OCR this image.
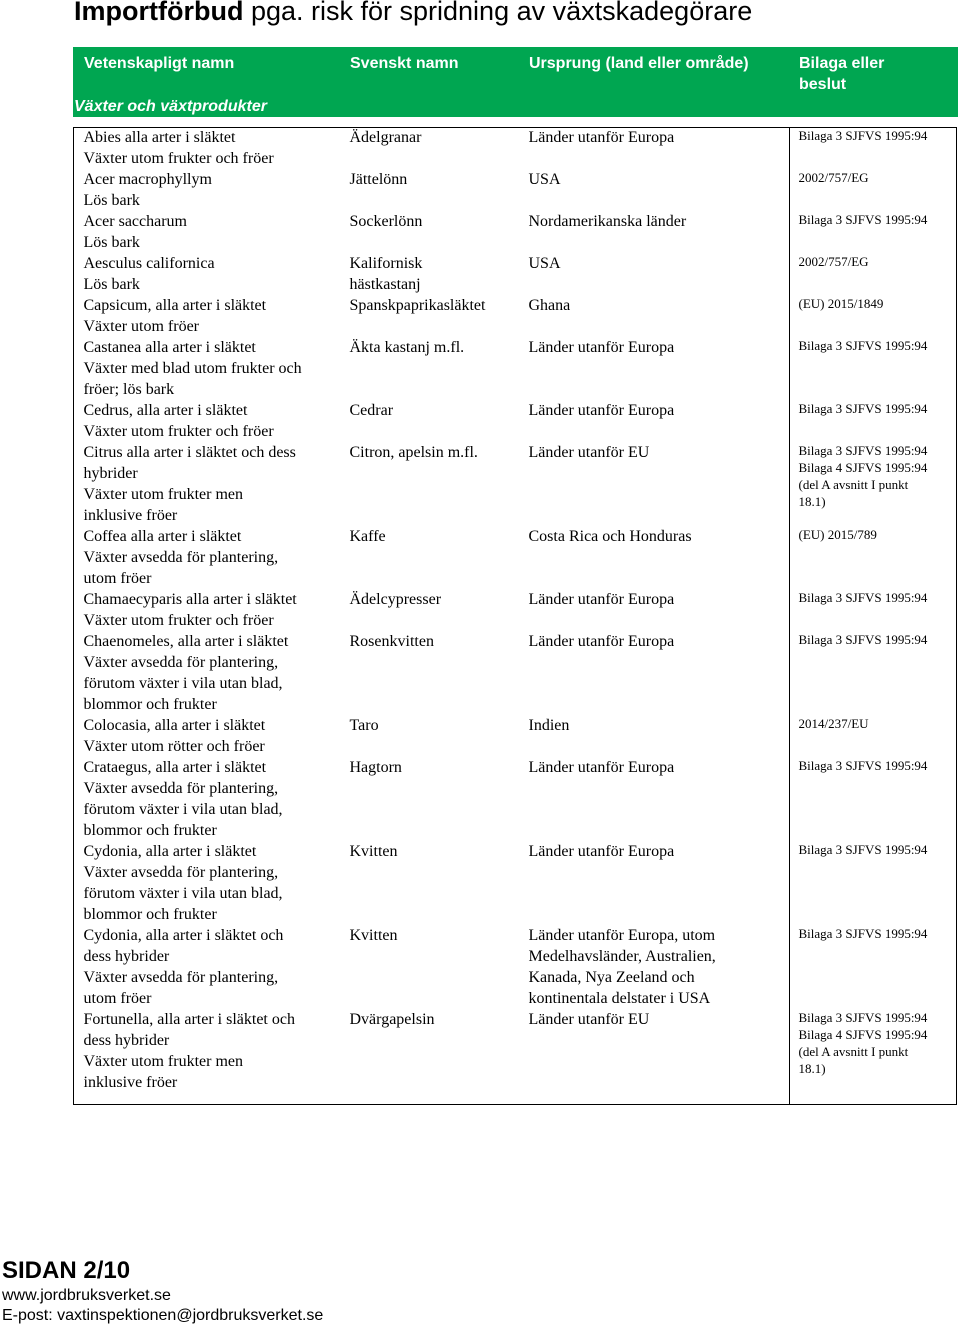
Importförbud pga. risk för spridning av växtskadegörare
Vetenskapligt namn	Svenskt namn	Ursprung (land eller område)	Bilaga eller
beslut

Växter och växtprodukter			

Abies alla arter i släktet
Växter utom frukter och fröer	Ädelgranar	Länder utanför Europa	Bilaga 3 SJFVS 1995:94

Acer macrophyllym
Lös bark	Jättelönn	USA	2002/757/EG

Acer saccharum
Lös bark	Sockerlönn	Nordamerikanska länder	Bilaga 3 SJFVS 1995:94

Aesculus californica
Lös bark	Kalifornisk
hästkastanj	USA	2002/757/EG

Capsicum, alla arter i släktet
Växter utom fröer	Spanskpaprikasläktet	Ghana	(EU) 2015/1849

Castanea alla arter i släktet
Växter med blad utom frukter och
fröer; lös bark	Äkta kastanj m.fl.	Länder utanför Europa	Bilaga 3 SJFVS 1995:94

Cedrus, alla arter i släktet
Växter utom frukter och fröer	Cedrar	Länder utanför Europa	Bilaga 3 SJFVS 1995:94

Citrus alla arter i släktet och dess
hybrider
Växter utom frukter men
inklusive fröer	Citron, apelsin m.fl.	Länder utanför EU	Bilaga 3 SJFVS 1995:94
Bilaga 4 SJFVS 1995:94
(del A avsnitt I punkt
18.1)

Coffea alla arter i släktet
Växter avsedda för plantering,
utom fröer	Kaffe	Costa Rica och Honduras	(EU) 2015/789

Chamaecyparis alla arter i släktet
Växter utom frukter och fröer	Ädelcypresser	Länder utanför Europa	Bilaga 3 SJFVS 1995:94

Chaenomeles, alla arter i släktet
Växter avsedda för plantering,
förutom växter i vila utan blad,
blommor och frukter	Rosenkvitten	Länder utanför Europa	Bilaga 3 SJFVS 1995:94

Colocasia, alla arter i släktet
Växter utom rötter och fröer	Taro	Indien	2014/237/EU

Crataegus, alla arter i släktet
Växter avsedda för plantering,
förutom växter i vila utan blad,
blommor och frukter	Hagtorn	Länder utanför Europa	Bilaga 3 SJFVS 1995:94

Cydonia, alla arter i släktet
Växter avsedda för plantering,
förutom växter i vila utan blad,
blommor och frukter	Kvitten	Länder utanför Europa	Bilaga 3 SJFVS 1995:94

Cydonia, alla arter i släktet och
dess hybrider
Växter avsedda för plantering,
utom fröer	Kvitten	Länder utanför Europa, utom
Medelhavsländer, Australien,
Kanada, Nya Zeeland och
kontinentala delstater i USA	Bilaga 3 SJFVS 1995:94

Fortunella, alla arter i släktet och
dess hybrider
Växter utom frukter men
inklusive fröer	Dvärgapelsin	Länder utanför EU	Bilaga 3 SJFVS 1995:94
Bilaga 4 SJFVS 1995:94
(del A avsnitt I punkt
18.1)
SIDAN 2/10
www.jordbruksverket.se
E-post: vaxtinspektionen@jordbruksverket.se
